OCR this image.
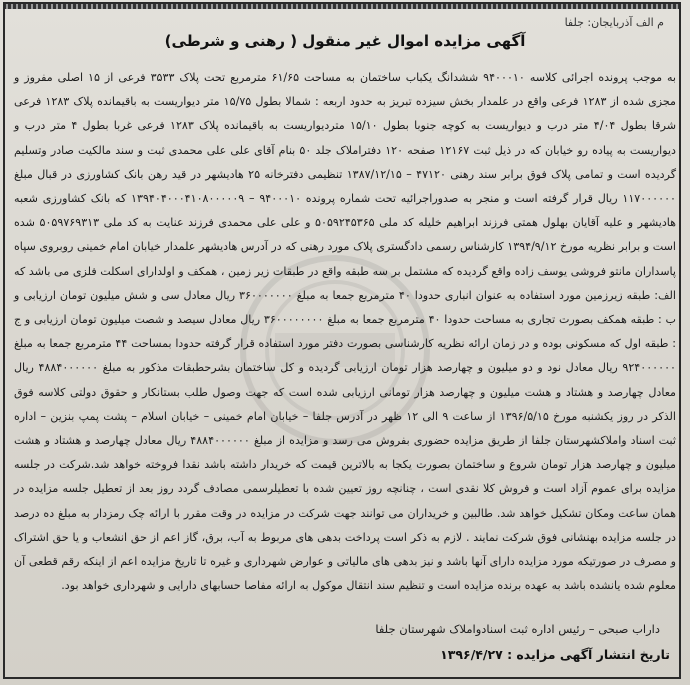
م الف آذربایجان: جلفا
آگهی مزایده اموال غیر منقول ( رهنی و شرطی)
به موجب پرونده اجرائی کلاسه ۹۴۰۰۰۱۰ ششدانگ یکباب ساختمان به مساحت ۶۱/۶۵ مترمربع تحت پلاک ۳۵۳۳ فرعی از ۱۵ اصلی مفروز و مجزی شده از ۱۲۸۳ فرعی واقع در علمدار بخش سیزده تبریز به حدود اربعه : شمالا بطول ۱۵/۷۵ متر دیواریست به باقیمانده پلاک ۱۲۸۳ فرعی شرقا بطول ۴/۰۴ متر درب و دیواریست به کوچه جنوبا بطول ۱۵/۱۰ متردیواریست به باقیمانده پلاک ۱۲۸۳ فرعی غربا بطول ۴ متر درب و دیواریست به پیاده رو خیابان که در ذیل ثبت ۱۲۱۶۷ صفحه ۱۲۰ دفتراملاک جلد ۵۰ بنام آقای علی علی محمدی ثبت و سند مالکیت صادر وتسلیم گردیده است و تمامی پلاک فوق برابر سند رهنی ۴۷۱۲۰ – ۱۳۸۷/۱۲/۱۵ تنظیمی دفترخانه ۲۵ هادیشهر در قید رهن بانک کشاورزی در قبال مبلغ ۱۱۷۰۰۰۰۰۰ ریال قرار گرفته است و منجر به صدوراجرائیه تحت شماره پرونده ۹۴۰۰۰۱۰ – ۱۳۹۴۰۴۰۰۰۴۱۰۸۰۰۰۰۰۹ که بانک کشاورزی شعبه هادیشهر و علیه آقایان بهلول همتی فرزند ابراهیم خلیله کد ملی ۵۰۵۹۲۴۵۳۶۵ و علی علی محمدی فرزند عنایت به کد ملی ۵۰۵۹۷۶۹۳۱۳ شده است و برابر نظریه مورخ ۱۳۹۴/۹/۱۲ کارشناس رسمی دادگستری پلاک مورد رهنی که در آدرس هادیشهر علمدار خیابان امام خمینی روبروی سپاه پاسداران مانتو فروشی یوسف زاده واقع گردیده که مشتمل بر سه طبقه واقع در طبقات زیر زمین ، همکف و اولدارای اسکلت فلزی می باشد که الف: طبقه زیرزمین مورد استفاده به عنوان انباری حدودا ۴۰ مترمربع جمعا به مبلغ ۳۶۰۰۰۰۰۰۰ ریال معادل سی و شش میلیون تومان ارزیابی و ب : طبقه همکف بصورت تجاری به مساحت حدودا ۴۰ مترمربع جمعا به مبلغ ۳۶۰۰۰۰۰۰۰۰ ریال معادل سیصد و شصت میلیون تومان ارزیابی و ج : طبقه اول که مسکونی بوده و در زمان ارائه نظریه کارشناسی بصورت دفتر مورد استفاده قرار گرفته حدودا بمساحت ۴۴ مترمربع جمعا به مبلغ ۹۲۴۰۰۰۰۰۰ ریال معادل نود و دو میلیون و چهارصد هزار تومان ارزیابی گردیده و کل ساختمان بشرحطبقات مذکور به مبلغ ۴۸۸۴۰۰۰۰۰۰ ریال معادل چهارصد و هشتاد و هشت میلیون و چهارصد هزار تومانی ارزیابی شده است که جهت وصول طلب بستانکار و حقوق دولتی کلاسه فوق الذکر در روز یکشنبه مورخ ۱۳۹۶/۵/۱۵ از ساعت ۹ الی ۱۲ ظهر در آدرس جلفا – خیابان امام خمینی – خیابان اسلام – پشت پمپ بنزین – اداره ثبت اسناد واملاکشهرستان جلفا از طریق مزایده حضوری بفروش می رسد و مزایده از مبلغ ۴۸۸۴۰۰۰۰۰۰ ریال معادل چهارصد و هشتاد و هشت میلیون و چهارصد هزار تومان شروع و ساختمان بصورت یکجا به بالاترین قیمت که خریدار داشته باشد نقدا فروخته خواهد شد.شرکت در جلسه مزایده برای عموم آزاد است و فروش کلا نقدی است ، چنانچه روز تعیین شده با تعطیلرسمی مصادف گردد روز بعد از تعطیل جلسه مزایده در همان ساعت ومکان تشکیل خواهد شد. طالبین و خریداران می توانند جهت شرکت در مزایده در وقت مقرر با ارائه چک رمزدار به مبلغ ده درصد در جلسه مزایده بهنشانی فوق شرکت نمایند . لازم به ذکر است پرداخت بدهی های مربوط به آب، برق، گاز اعم از حق انشعاب و یا حق اشتراک و مصرف در صورتیکه مورد مزایده دارای آنها باشد و نیز بدهی های مالیاتی و عوارض شهرداری و غیره تا تاریخ مزایده اعم از اینکه رقم قطعی آن معلوم شده یانشده باشد به عهده برنده مزایده است و تنظیم سند انتقال موکول به ارائه مفاصا حسابهای دارایی و شهرداری خواهد بود.
داراب صبحی – رئیس اداره ثبت اسنادواملاک شهرستان جلفا
تاریخ انتشار آگهی مزایده : ۱۳۹۶/۴/۲۷
